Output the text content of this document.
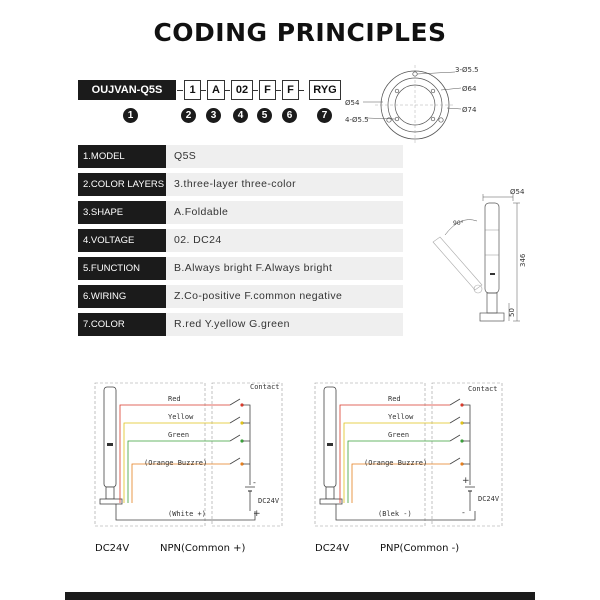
CODING PRINCIPLES
OUJVAN-Q5S	1	A	02	F	F	RYG
1	2	3	4	5	6	7
1.MODEL	Q5S
2.COLOR LAYERS 3.three-layer three-color
3.SHAPE	A.Foldable
4.VOLTAGE	02. DC24
5.FUNCTION	B.Always bright F.Always bright
6.WIRING	Z.Co-positive F.common negative
7.COLOR	R.red Y.yellow G.green
3-Ø5.5
Ø64
Ø74
Ø54
4-Ø5.5
Ø54
90°
346
50
Contact
Red
Yellow
Green
(Orange Buzzre)
(White +)
-
DC24V
+
DC24V	NPN(Common +)
Contact
Red
Yellow
Green
(Orange Buzzre)
(Blek -)
+
DC24V
-
DC24V	PNP(Common -)
